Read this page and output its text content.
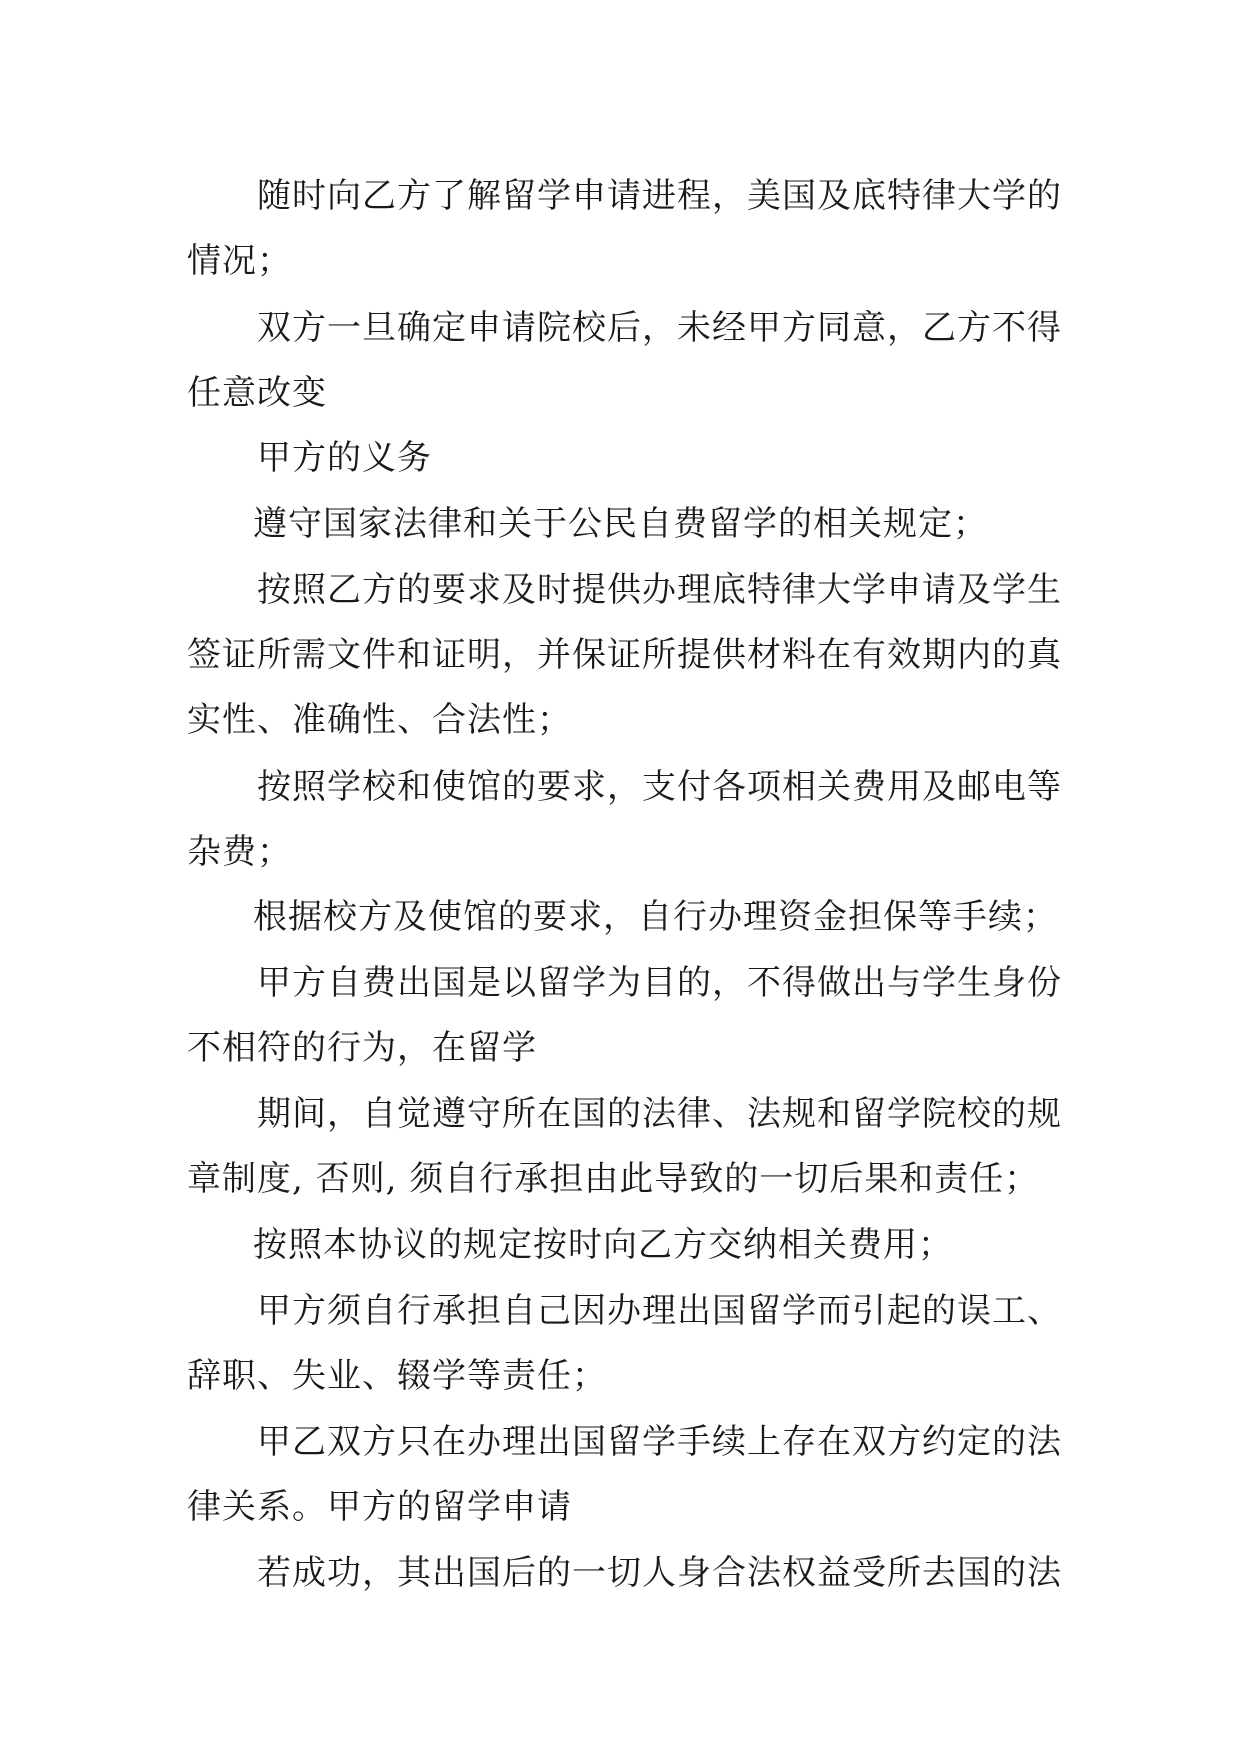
随时向乙方了解留学申请进程，美国及底特律大学的
情况；
双方一旦确定申请院校后，未经甲方同意，乙方不得
任意改变
甲方的义务
遵守国家法律和关于公民自费留学的相关规定；
按照乙方的要求及时提供办理底特律大学申请及学生
签证所需文件和证明，并保证所提供材料在有效期内的真
实性、准确性、合法性；
按照学校和使馆的要求，支付各项相关费用及邮电等
杂费；
根据校方及使馆的要求，自行办理资金担保等手续；
甲方自费出国是以留学为目的，不得做出与学生身份
不相符的行为，在留学
期间，自觉遵守所在国的法律、法规和留学院校的规
章制度, 否则, 须自行承担由此导致的一切后果和责任；
按照本协议的规定按时向乙方交纳相关费用；
甲方须自行承担自己因办理出国留学而引起的误工、
辞职、失业、辍学等责任；
甲乙双方只在办理出国留学手续上存在双方约定的法
律关系。甲方的留学申请
若成功，其出国后的一切人身合法权益受所去国的法
